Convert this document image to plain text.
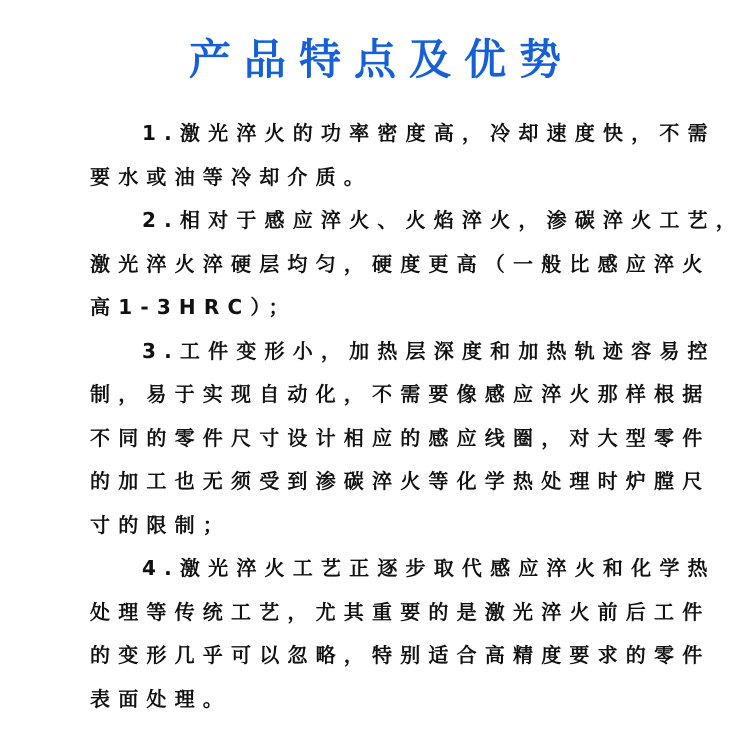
产品特点及优势
1.激光淬火的功率密度高，冷却速度快，不需
要水或油等冷却介质。
2.相对于感应淬火、火焰淬火，渗碳淬火工艺，
激光淬火淬硬层均匀，硬度更高（一般比感应淬火
高1-3HRC）；
3.工件变形小，加热层深度和加热轨迹容易控
制，易于实现自动化，不需要像感应淬火那样根据
不同的零件尺寸设计相应的感应线圈，对大型零件
的加工也无须受到渗碳淬火等化学热处理时炉膛尺
寸的限制；
4.激光淬火工艺正逐步取代感应淬火和化学热
处理等传统工艺，尤其重要的是激光淬火前后工件
的变形几乎可以忽略，特别适合高精度要求的零件
表面处理。
